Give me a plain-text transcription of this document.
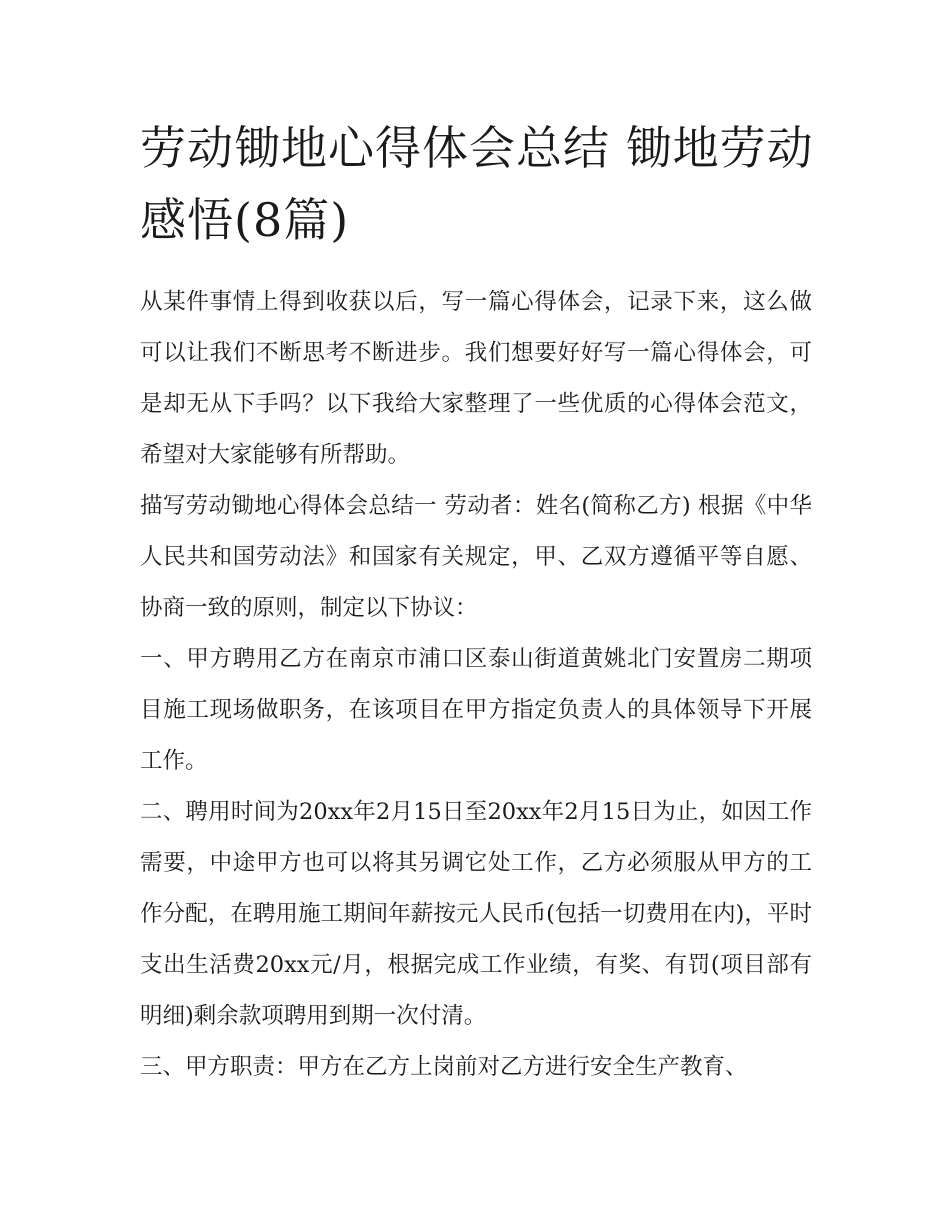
劳动锄地心得体会总结 锄地劳动感悟(8篇)

从某件事情上得到收获以后，写一篇心得体会，记录下来，这么做可以让我们不断思考不断进步。我们想要好好写一篇心得体会，可是却无从下手吗？以下我给大家整理了一些优质的心得体会范文，希望对大家能够有所帮助。

描写劳动锄地心得体会总结一 劳动者：姓名(简称乙方) 根据《中华人民共和国劳动法》和国家有关规定，甲、乙双方遵循平等自愿、协商一致的原则，制定以下协议：

一、甲方聘用乙方在南京市浦口区泰山街道黄姚北门安置房二期项目施工现场做职务，在该项目在甲方指定负责人的具体领导下开展工作。

二、聘用时间为20xx年2月15日至20xx年2月15日为止，如因工作需要，中途甲方也可以将其另调它处工作，乙方必须服从甲方的工作分配，在聘用施工期间年薪按元人民币(包括一切费用在内)，平时支出生活费20xx元/月，根据完成工作业绩，有奖、有罚(项目部有明细)剩余款项聘用到期一次付清。

三、甲方职责：甲方在乙方上岗前对乙方进行安全生产教育、
